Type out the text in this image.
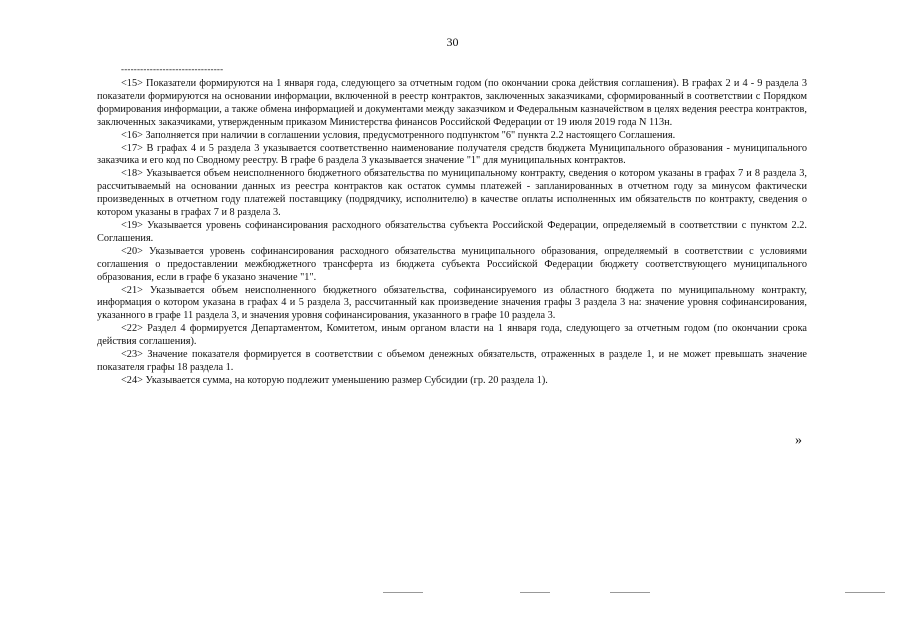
30
--------------------------------

<15> Показатели формируются на 1 января года, следующего за отчетным годом (по окончании срока действия соглашения). В графах 2 и 4 - 9 раздела 3 показатели формируются на основании информации, включенной в реестр контрактов, заключенных заказчиками, сформированный в соответствии с Порядком формирования информации, а также обмена информацией и документами между заказчиком и Федеральным казначейством в целях ведения реестра контрактов, заключенных заказчиками, утвержденным приказом Министерства финансов Российской Федерации от 19 июля 2019 года N 113н.

<16> Заполняется при наличии в соглашении условия, предусмотренного подпунктом "6" пункта 2.2 настоящего Соглашения.

<17> В графах 4 и 5 раздела 3 указывается соответственно наименование получателя средств бюджета Муниципального образования - муниципального заказчика и его код по Сводному реестру. В графе 6 раздела 3 указывается значение "1" для муниципальных контрактов.

<18> Указывается объем неисполненного бюджетного обязательства по муниципальному контракту, сведения о котором указаны в графах 7 и 8 раздела 3, рассчитываемый на основании данных из реестра контрактов как остаток суммы платежей - запланированных в отчетном году за минусом фактически произведенных в отчетном году платежей поставщику (подрядчику, исполнителю) в качестве оплаты исполненных им обязательств по контракту, сведения о котором указаны в графах 7 и 8 раздела 3.

<19> Указывается уровень софинансирования расходного обязательства субъекта Российской Федерации, определяемый в соответствии с пунктом 2.2. Соглашения.

<20> Указывается уровень софинансирования расходного обязательства муниципального образования, определяемый в соответствии с условиями соглашения о предоставлении межбюджетного трансферта из бюджета субъекта Российской Федерации бюджету соответствующего муниципального образования, если в графе 6 указано значение "1".

<21> Указывается объем неисполненного бюджетного обязательства, софинансируемого из областного бюджета по муниципальному контракту, информация о котором указана в графах 4 и 5 раздела 3, рассчитанный как произведение значения графы 3 раздела 3 на: значение уровня софинансирования, указанного в графе 11 раздела 3, и значения уровня софинансирования, указанного в графе 10 раздела 3.

<22> Раздел 4 формируется Департаментом, Комитетом, иным органом власти на 1 января года, следующего за отчетным годом (по окончании срока действия соглашения).

<23> Значение показателя формируется в соответствии с объемом денежных обязательств, отраженных в разделе 1, и не может превышать значение показателя графы 18 раздела 1.

<24> Указывается сумма, на которую подлежит уменьшению размер Субсидии (гр. 20 раздела 1).

»
